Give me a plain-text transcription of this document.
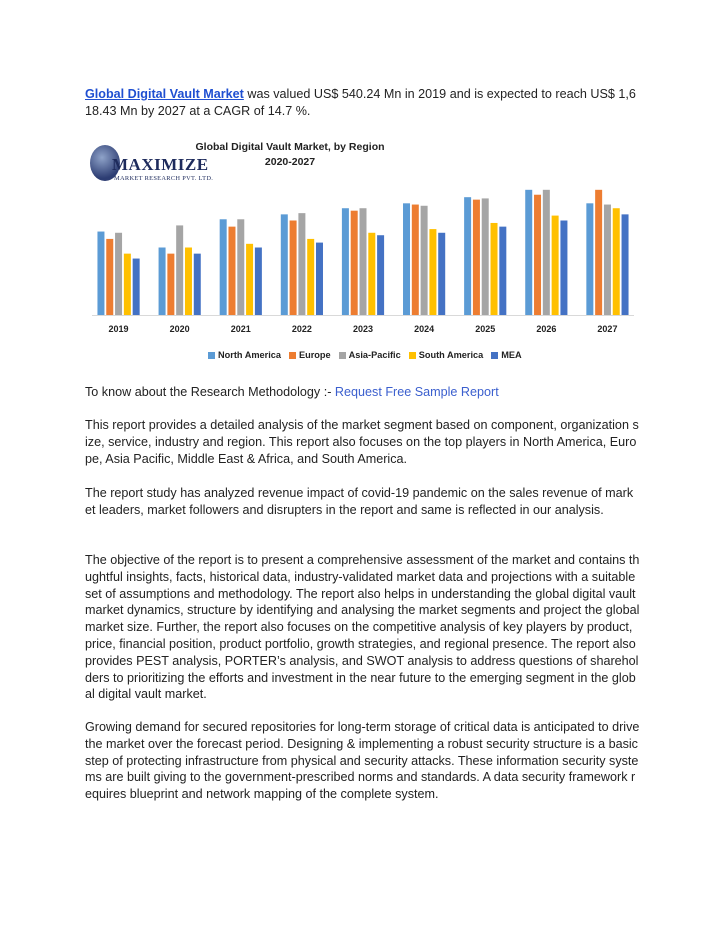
Global Digital Vault Market was valued US$ 540.24 Mn in 2019 and is expected to reach US$ 1,618.43 Mn by 2027 at a CAGR of 14.7 %.

MAXIMIZE
MARKET RESEARCH PVT. LTD.
Global Digital Vault Market, by Region
2020-2027
2019	2020	2021	2022	2023	2024	2025	2026	2027
North America Europe Asia-Pacific South America MEA

To know about the Research Methodology :- Request Free Sample Report

This report provides a detailed analysis of the market segment based on component, organization size, service, industry and region. This report also focuses on the top players in North America, Europe, Asia Pacific, Middle East & Africa, and South America.

The report study has analyzed revenue impact of covid-19 pandemic on the sales revenue of market leaders, market followers and disrupters in the report and same is reflected in our analysis.

The objective of the report is to present a comprehensive assessment of the market and contains thughtful insights, facts, historical data, industry-validated market data and projections with a suitable set of assumptions and methodology. The report also helps in understanding the global digital vault market dynamics, structure by identifying and analysing the market segments and project the global market size. Further, the report also focuses on the competitive analysis of key players by product, price, financial position, product portfolio, growth strategies, and regional presence. The report also provides PEST analysis, PORTER’s analysis, and SWOT analysis to address questions of shareholders to prioritizing the efforts and investment in the near future to the emerging segment in the global digital vault market.

Growing demand for secured repositories for long-term storage of critical data is anticipated to drive the market over the forecast period. Designing & implementing a robust security structure is a basic step of protecting infrastructure from physical and security attacks. These information security systems are built giving to the government-prescribed norms and standards. A data security framework requires blueprint and network mapping of the complete system.
